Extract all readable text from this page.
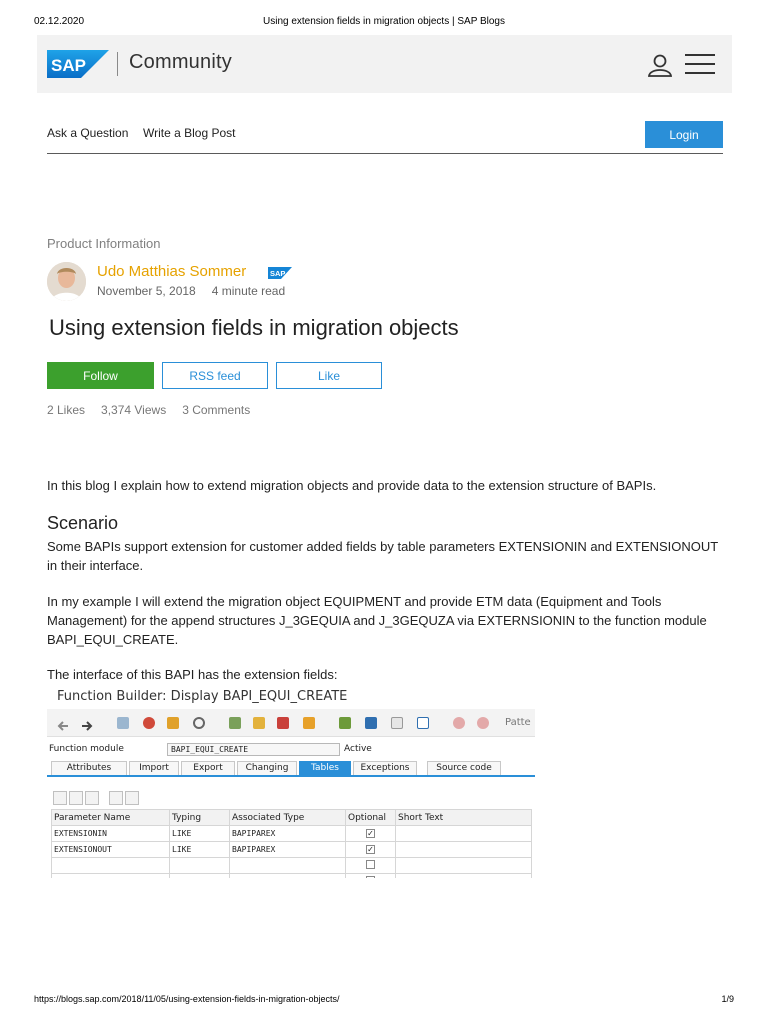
02.12.2020	Using extension fields in migration objects | SAP Blogs
SAP Community
Ask a Question Write a Blog Post	Login
Product Information
Udo Matthias Sommer	SAP
November 5, 2018 4 minute read
Using extension fields in migration objects
Follow	RSS feed	Like
2 Likes 3,374 Views 3 Comments

In this blog I explain how to extend migration objects and provide data to the extension structure of BAPIs.

Scenario

Some BAPIs support extension for customer added fields by table parameters EXTENSIONIN and EXTENSIONOUT in their interface.

In my example I will extend the migration object EQUIPMENT and provide ETM data (Equipment and Tools Management) for the append structures J_3GEQUIA and J_3GEQUZA via EXTERNSIONIN to the function module BAPI_EQUI_CREATE.

The interface of this BAPI has the extension fields:

Function Builder: Display BAPI_EQUI_CREATE
Patte
Function module	BAPI_EQUI_CREATE	Active
Attributes	Import	Export	Changing	Tables	Exceptions	Source code
Parameter Name	Typing	Associated Type	Optional	Short Text
EXTENSIONIN	LIKE	BAPIPAREX	✓	
EXTENSIONOUT	LIKE	BAPIPAREX	✓	

https://blogs.sap.com/2018/11/05/using-extension-fields-in-migration-objects/	1/9
